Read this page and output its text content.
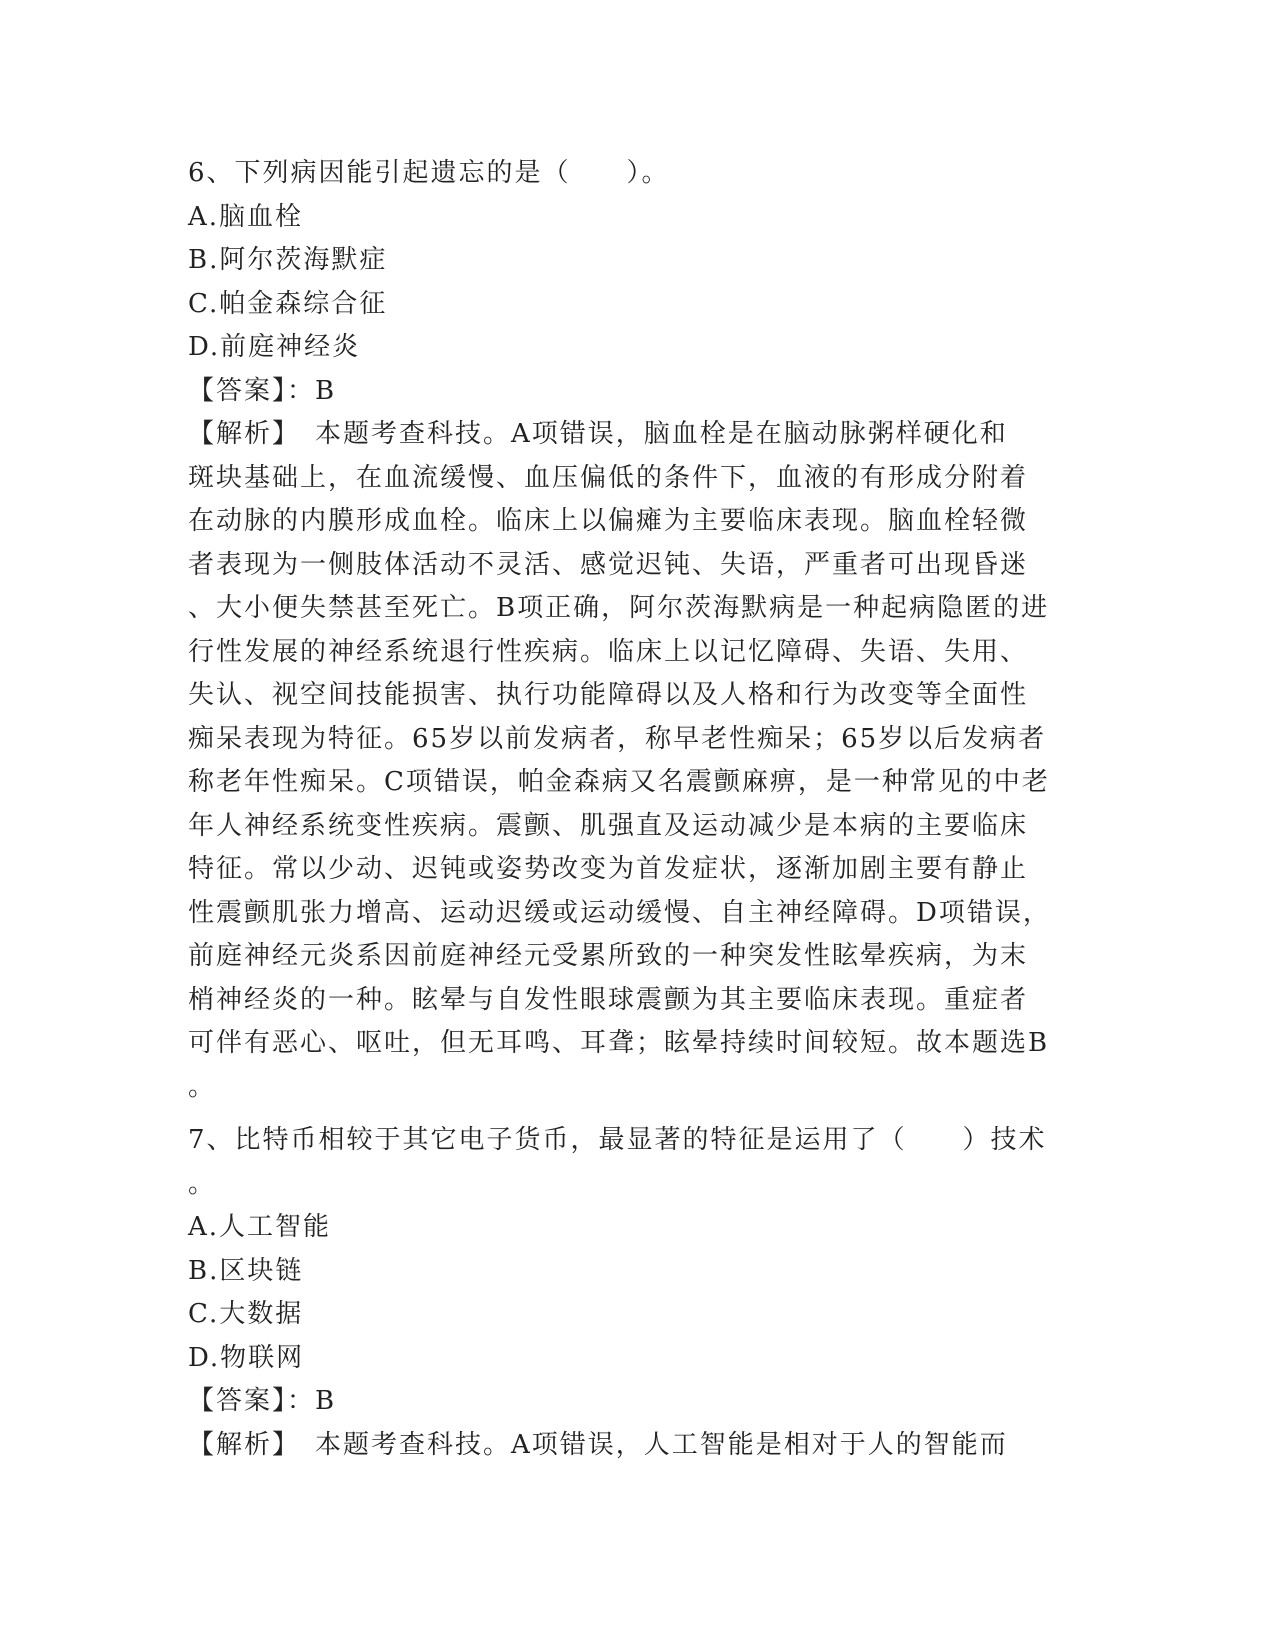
6、下列病因能引起遗忘的是（　　）。
A.脑血栓
B.阿尔茨海默症
C.帕金森综合征
D.前庭神经炎
【答案】：B
【解析】　本题考查科技。A项错误，脑血栓是在脑动脉粥样硬化和
斑块基础上，在血流缓慢、血压偏低的条件下，血液的有形成分附着
在动脉的内膜形成血栓。临床上以偏瘫为主要临床表现。脑血栓轻微
者表现为一侧肢体活动不灵活、感觉迟钝、失语，严重者可出现昏迷
、大小便失禁甚至死亡。B项正确，阿尔茨海默病是一种起病隐匿的进
行性发展的神经系统退行性疾病。临床上以记忆障碍、失语、失用、
失认、视空间技能损害、执行功能障碍以及人格和行为改变等全面性
痴呆表现为特征。65岁以前发病者，称早老性痴呆；65岁以后发病者
称老年性痴呆。C项错误，帕金森病又名震颤麻痹，是一种常见的中老
年人神经系统变性疾病。震颤、肌强直及运动减少是本病的主要临床
特征。常以少动、迟钝或姿势改变为首发症状，逐渐加剧主要有静止
性震颤肌张力增高、运动迟缓或运动缓慢、自主神经障碍。D项错误，
前庭神经元炎系因前庭神经元受累所致的一种突发性眩晕疾病，为末
梢神经炎的一种。眩晕与自发性眼球震颤为其主要临床表现。重症者
可伴有恶心、呕吐，但无耳鸣、耳聋；眩晕持续时间较短。故本题选B
。
7、比特币相较于其它电子货币，最显著的特征是运用了（　　）技术
。
A.人工智能
B.区块链
C.大数据
D.物联网
【答案】：B
【解析】　本题考查科技。A项错误，人工智能是相对于人的智能而
